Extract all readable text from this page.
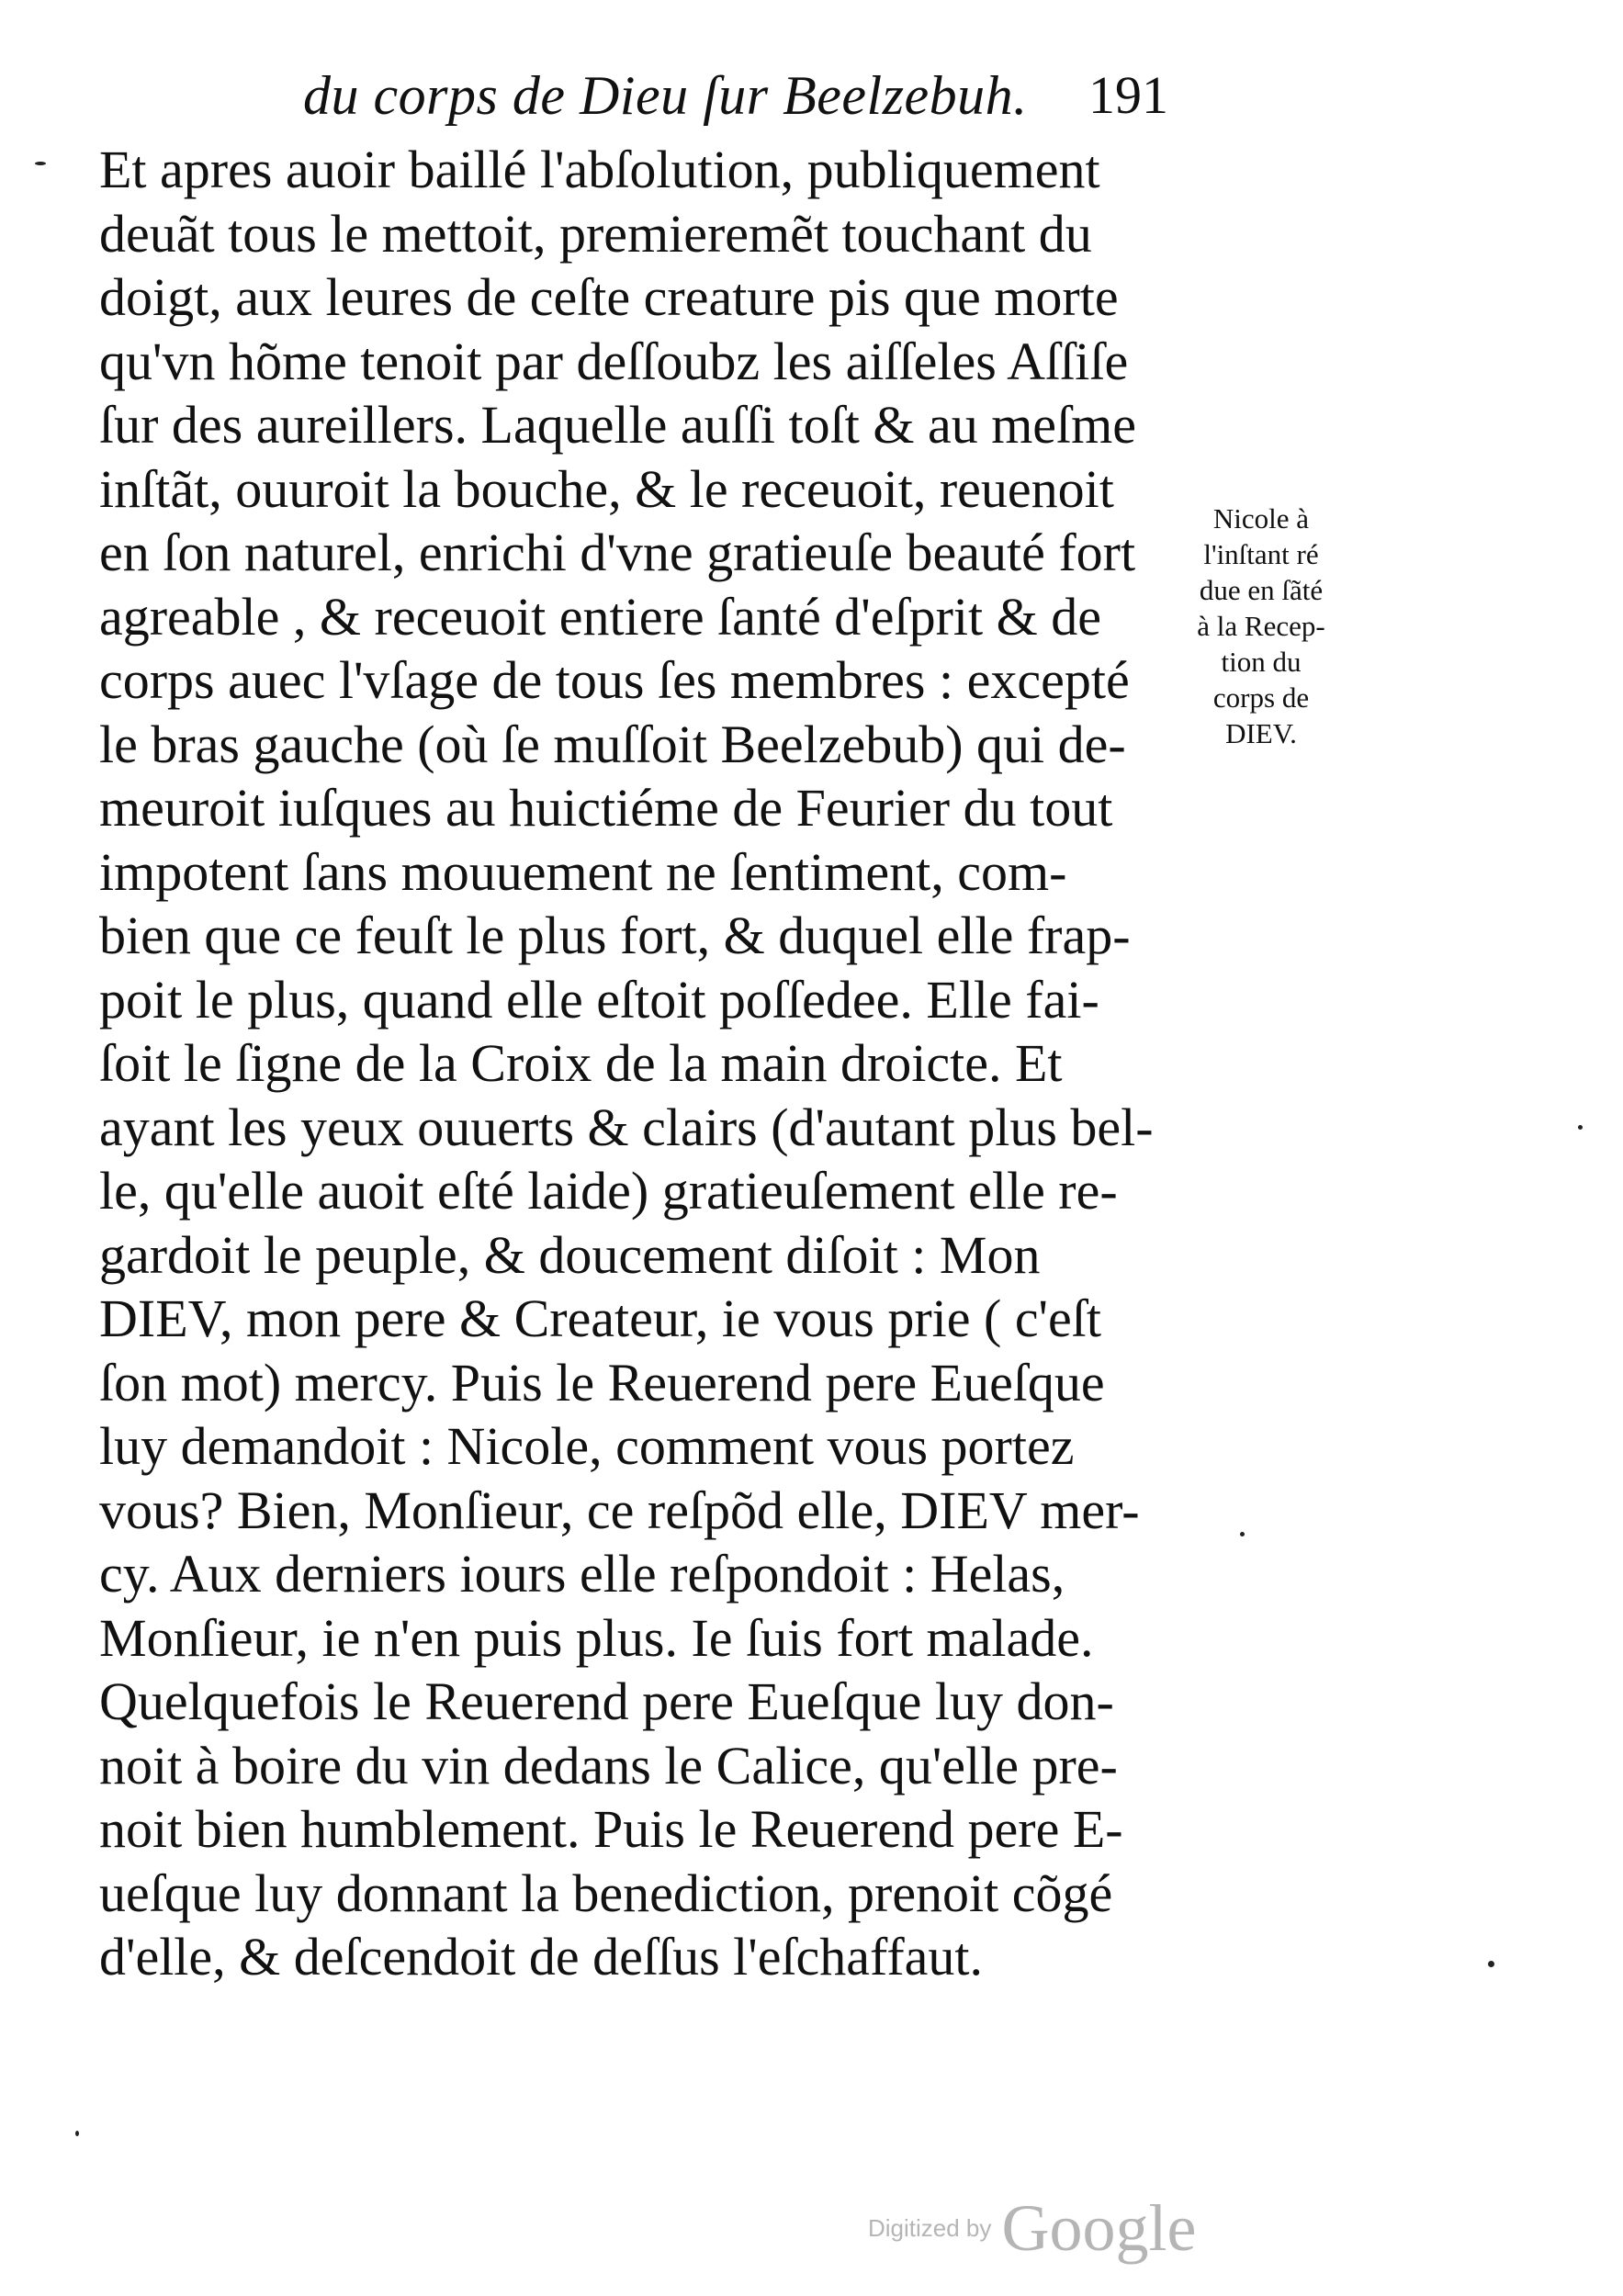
du corps de Dieu ſur Beelzebuh. 191
Et apres auoir baillé l'abſolution, publiquement
deuãt tous le mettoit, premieremẽt touchant du
doigt, aux leures de ceſte creature pis que morte
qu'vn hõme tenoit par deſſoubz les aiſſeles Aſſiſe
ſur des aureillers. Laquelle auſſi toſt & au meſme
inſtãt, ouuroit la bouche, & le receuoit, reuenoit
en ſon naturel, enrichi d'vne gratieuſe beauté fort
agreable , & receuoit entiere ſanté d'eſprit & de
corps auec l'vſage de tous ſes membres : excepté
le bras gauche (où ſe muſſoit Beelzebub) qui de-
meuroit iuſques au huictiéme de Feurier du tout
impotent ſans mouuement ne ſentiment, com-
bien que ce feuſt le plus fort, & duquel elle frap-
poit le plus, quand elle eſtoit poſſedee. Elle fai-
ſoit le ſigne de la Croix de la main droicte. Et
ayant les yeux ouuerts & clairs (d'autant plus bel-
le, qu'elle auoit eſté laide) gratieuſement elle re-
gardoit le peuple, & doucement diſoit : Mon
DIEV, mon pere & Createur, ie vous prie ( c'eſt
ſon mot) mercy. Puis le Reuerend pere Eueſque
luy demandoit : Nicole, comment vous portez
vous? Bien, Monſieur, ce reſpõd elle, DIEV mer-
cy. Aux derniers iours elle reſpondoit : Helas,
Monſieur, ie n'en puis plus. Ie ſuis fort malade.
Quelquefois le Reuerend pere Eueſque luy don-
noit à boire du vin dedans le Calice, qu'elle pre-
noit bien humblement. Puis le Reuerend pere E-
ueſque luy donnant la benediction, prenoit cõgé
d'elle, & deſcendoit de deſſus l'eſchaffaut.
Nicole à
l'inſtant ré
due en ſãté
à la Recep-
tion du
corps de
DIEV.
Digitized by Google
